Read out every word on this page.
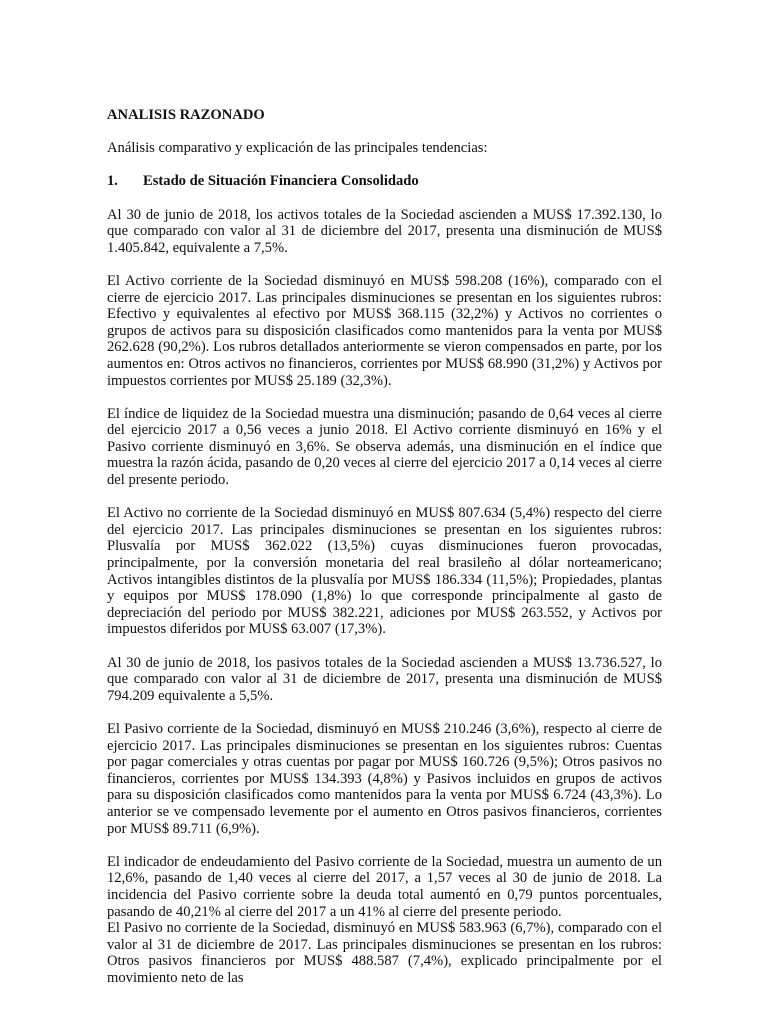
ANALISIS RAZONADO

Análisis comparativo y explicación de las principales tendencias:

1.	Estado de Situación Financiera Consolidado

Al 30 de junio de 2018, los activos totales de la Sociedad ascienden a MUS$ 17.392.130, lo que comparado con valor al 31 de diciembre del 2017, presenta una disminución de MUS$ 1.405.842, equivalente a 7,5%.

El Activo corriente de la Sociedad disminuyó en MUS$ 598.208 (16%), comparado con el cierre de ejercicio 2017. Las principales disminuciones se presentan en los siguientes rubros: Efectivo y equivalentes al efectivo por MUS$ 368.115 (32,2%) y Activos no corrientes o grupos de activos para su disposición clasificados como mantenidos para la venta por MUS$ 262.628 (90,2%). Los rubros detallados anteriormente se vieron compensados en parte, por los aumentos en: Otros activos no financieros, corrientes por MUS$ 68.990 (31,2%) y Activos por impuestos corrientes por MUS$ 25.189 (32,3%).

El índice de liquidez de la Sociedad muestra una disminución; pasando de 0,64 veces al cierre del ejercicio 2017 a 0,56 veces a junio 2018. El Activo corriente disminuyó en 16% y el Pasivo corriente disminuyó en 3,6%. Se observa además, una disminución en el índice que muestra la razón ácida, pasando de 0,20 veces al cierre del ejercicio 2017 a 0,14 veces al cierre del presente periodo.

El Activo no corriente de la Sociedad disminuyó en MUS$ 807.634 (5,4%) respecto del cierre del ejercicio 2017. Las principales disminuciones se presentan en los siguientes rubros: Plusvalía por MUS$ 362.022 (13,5%) cuyas disminuciones fueron provocadas, principalmente, por la conversión monetaria del real brasileño al dólar norteamericano; Activos intangibles distintos de la plusvalía por MUS$ 186.334 (11,5%); Propiedades, plantas y equipos por MUS$ 178.090 (1,8%) lo que corresponde principalmente al gasto de depreciación del periodo por MUS$ 382.221, adiciones por MUS$ 263.552, y Activos por impuestos diferidos por MUS$ 63.007 (17,3%).

Al 30 de junio de 2018, los pasivos totales de la Sociedad ascienden a MUS$ 13.736.527, lo que comparado con valor al 31 de diciembre de 2017, presenta una disminución de MUS$ 794.209 equivalente a 5,5%.

El Pasivo corriente de la Sociedad, disminuyó en MUS$ 210.246 (3,6%), respecto al cierre de ejercicio 2017. Las principales disminuciones se presentan en los siguientes rubros: Cuentas por pagar comerciales y otras cuentas por pagar por MUS$ 160.726 (9,5%); Otros pasivos no financieros, corrientes por MUS$ 134.393 (4,8%) y Pasivos incluidos en grupos de activos para su disposición clasificados como mantenidos para la venta por MUS$ 6.724 (43,3%). Lo anterior se ve compensado levemente por el aumento en Otros pasivos financieros, corrientes por MUS$ 89.711 (6,9%).

El indicador de endeudamiento del Pasivo corriente de la Sociedad, muestra un aumento de un 12,6%, pasando de 1,40 veces al cierre del 2017, a 1,57 veces al 30 de junio de 2018. La incidencia del Pasivo corriente sobre la deuda total aumentó en 0,79 puntos porcentuales, pasando de 40,21% al cierre del 2017 a un 41% al cierre del presente periodo.

El Pasivo no corriente de la Sociedad, disminuyó en MUS$ 583.963 (6,7%), comparado con el valor al 31 de diciembre de 2017. Las principales disminuciones se presentan en los rubros: Otros pasivos financieros por MUS$ 488.587 (7,4%), explicado principalmente por el movimiento neto de las
